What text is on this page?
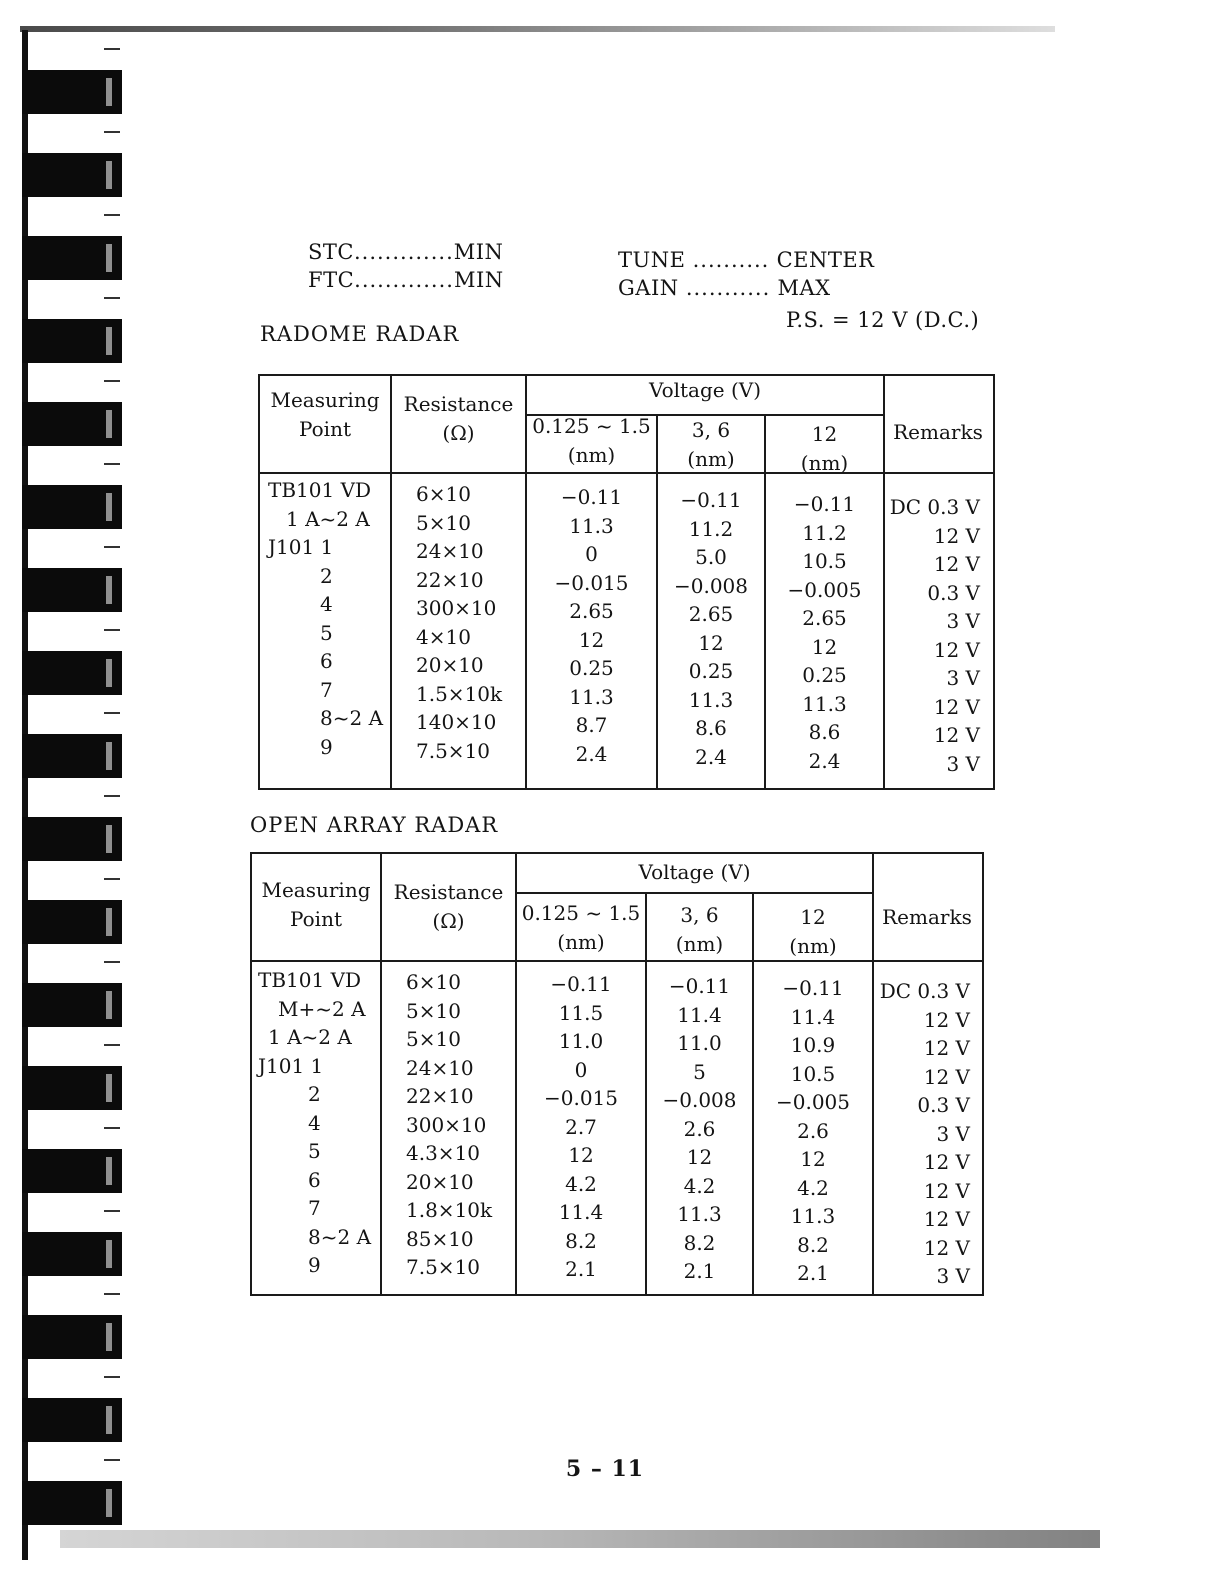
STC.............MIN
FTC.............MIN
TUNE .......... CENTER
GAIN ........... MAX
P.S. = 12 V (D.C.)
RADOME RADAR
Measuring
Point
Resistance
(Ω)
Voltage (V)
0.125 ~ 1.5
(nm)
3, 6
(nm)
12
(nm)
Remarks
TB101 VD
1 A~2 A
J101 1
2
4
5
6
7
8~2 A
9
6×10
5×10
24×10
22×10
300×10
4×10
20×10
1.5×10k
140×10
7.5×10
−0.11
11.3
0
−0.015
2.65
12
0.25
11.3
8.7
2.4
−0.11
11.2
5.0
−0.008
2.65
12
0.25
11.3
8.6
2.4
−0.11
11.2
10.5
−0.005
2.65
12
0.25
11.3
8.6
2.4
DC 0.3 V
12 V
12 V
0.3 V
3 V
12 V
3 V
12 V
12 V
3 V
OPEN ARRAY RADAR
Measuring
Point
Resistance
(Ω)
Voltage (V)
0.125 ~ 1.5
(nm)
3, 6
(nm)
12
(nm)
Remarks
TB101 VD
M+~2 A
1 A~2 A
J101 1
2
4
5
6
7
8~2 A
9
6×10
5×10
5×10
24×10
22×10
300×10
4.3×10
20×10
1.8×10k
85×10
7.5×10
−0.11
11.5
11.0
0
−0.015
2.7
12
4.2
11.4
8.2
2.1
−0.11
11.4
11.0
5
−0.008
2.6
12
4.2
11.3
8.2
2.1
−0.11
11.4
10.9
10.5
−0.005
2.6
12
4.2
11.3
8.2
2.1
DC 0.3 V
12 V
12 V
12 V
0.3 V
3 V
12 V
12 V
12 V
12 V
3 V
5 – 11
